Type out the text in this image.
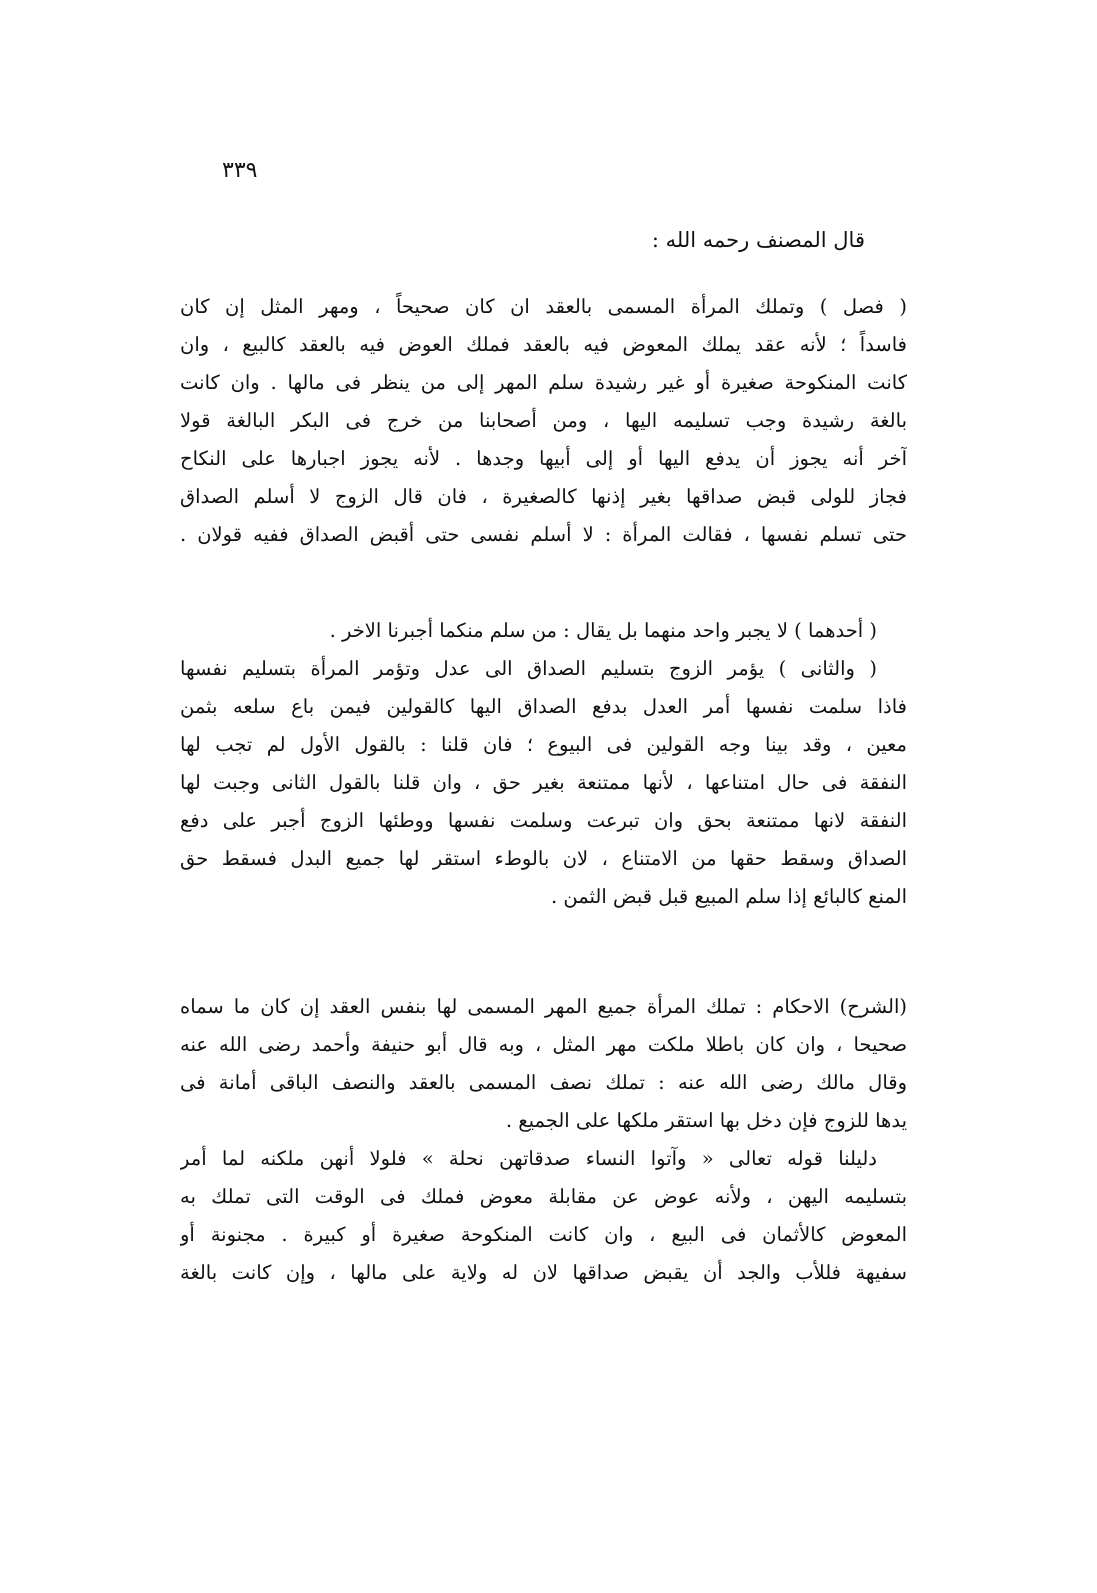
٣٣٩
قال المصنف رحمه الله :
( فصل ) وتملك المرأة المسمى بالعقد ان كان صحيحاً ، ومهر المثل إن كان
فاسداً ؛ لأنه عقد يملك المعوض فيه بالعقد فملك العوض فيه بالعقد كالبيع ، وان
كانت المنكوحة صغيرة أو غير رشيدة سلم المهر إلى من ينظر فى مالها . وان كانت
بالغة رشيدة وجب تسليمه اليها ، ومن أصحابنا من خرج فى البكر البالغة قولا
آخر أنه يجوز أن يدفع اليها أو إلى أبيها وجدها . لأنه يجوز اجبارها على النكاح
فجاز للولى قبض صداقها بغير إذنها كالصغيرة ، فان قال الزوج لا أسلم الصداق
حتى تسلم نفسها ، فقالت المرأة : لا أسلم نفسى حتى أقبض الصداق ففيه قولان .
( أحدهما ) لا يجبر واحد منهما بل يقال : من سلم منكما أجبرنا الاخر .
( والثانى ) يؤمر الزوج بتسليم الصداق الى عدل وتؤمر المرأة بتسليم نفسها
فاذا سلمت نفسها أمر العدل بدفع الصداق اليها كالقولين فيمن باع سلعه بثمن
معين ، وقد بينا وجه القولين فى البيوع ؛ فان قلنا : بالقول الأول لم تجب لها
النفقة فى حال امتناعها ، لأنها ممتنعة بغير حق ، وان قلنا بالقول الثانى وجبت لها
النفقة لانها ممتنعة بحق وان تبرعت وسلمت نفسها ووطئها الزوج أجبر على دفع
الصداق وسقط حقها من الامتناع ، لان بالوطء استقر لها جميع البدل فسقط حق
المنع كالبائع إذا سلم المبيع قبل قبض الثمن .
(الشرح) الاحكام : تملك المرأة جميع المهر المسمى لها بنفس العقد إن كان ما سماه
صحيحا ، وان كان باطلا ملكت مهر المثل ، وبه قال أبو حنيفة وأحمد رضى الله عنه
وقال مالك رضى الله عنه : تملك نصف المسمى بالعقد والنصف الباقى أمانة فى
يدها للزوج فإن دخل بها استقر ملكها على الجميع .
دليلنا قوله تعالى « وآتوا النساء صدقاتهن نحلة » فلولا أنهن ملكنه لما أمر
بتسليمه اليهن ، ولأنه عوض عن مقابلة معوض فملك فى الوقت التى تملك به
المعوض كالأثمان فى البيع ، وان كانت المنكوحة صغيرة أو كبيرة . مجنونة أو
سفيهة فللأب والجد أن يقبض صداقها لان له ولاية على مالها ، وإن كانت بالغة
